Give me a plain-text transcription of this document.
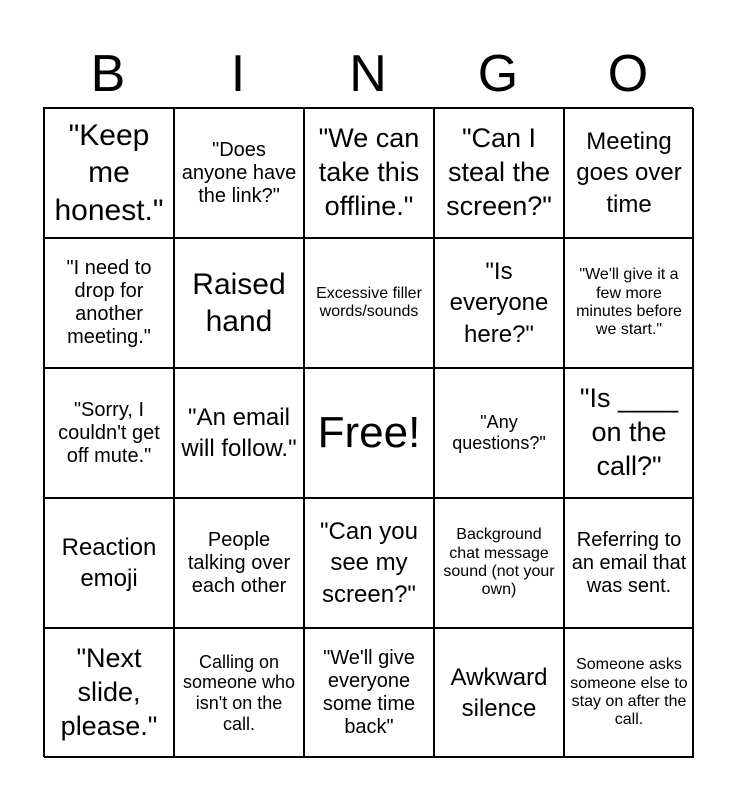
B	I	N	G	O
"Keep me honest."
"Does anyone have the link?"
"We can take this offline."
"Can I steal the screen?"
Meeting goes over time
"I need to drop for another meeting."
Raised hand
Excessive filler words/sounds
"Is everyone here?"
"We'll give it a few more minutes before we start."
"Sorry, I couldn't get off mute."
"An email will follow." Free!	"Any questions?"
"Is ____ on the call?"
Reaction emoji
People talking over each other
"Can you see my screen?"
Background chat message sound (not your own)
Referring to an email that was sent.
"Next slide, please."
Calling on someone who isn't on the call.
"We'll give everyone some time back"
Awkward silence
Someone asks someone else to stay on after the call.
